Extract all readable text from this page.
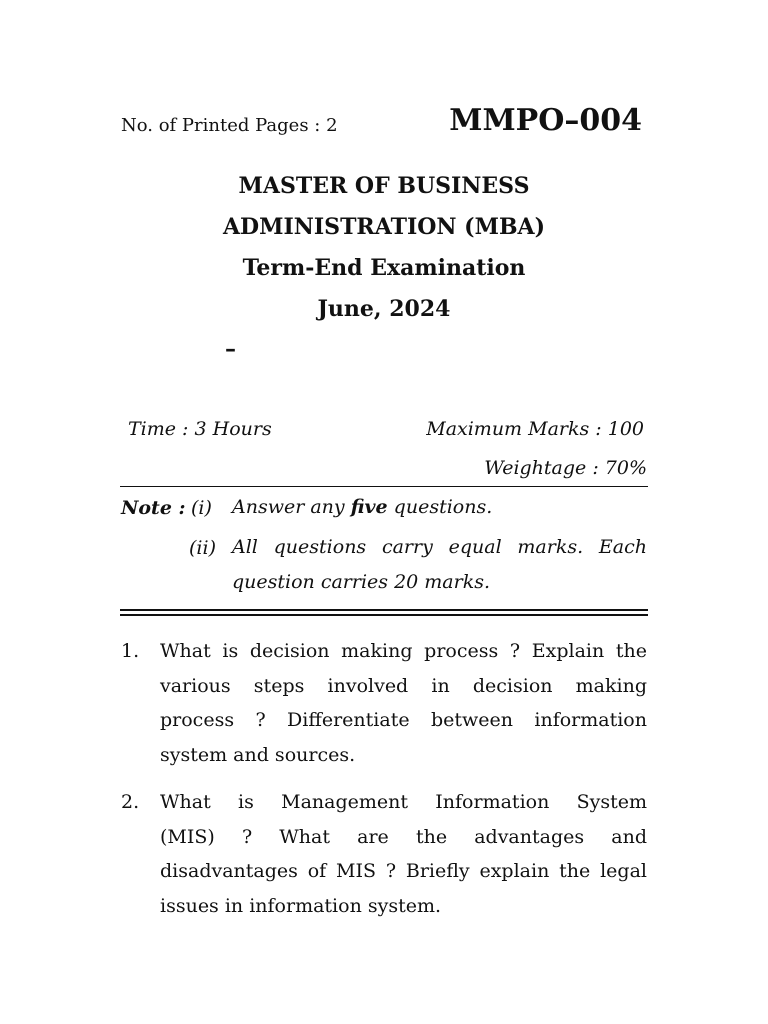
No. of Printed Pages : 2	MMPO–004
MASTER OF BUSINESS
ADMINISTRATION (MBA)
Term-End Examination
June, 2024
–
Time : 3 Hours	Maximum Marks : 100
Weightage : 70%
Note : (i) Answer any five questions.
(ii) All questions carry equal marks. Each
question carries 20 marks.
1. What is decision making process ? Explain the
various steps involved in decision making
process ? Differentiate between information
system and sources.
2. What is Management Information System
(MIS) ? What are the advantages and
disadvantages of MIS ? Briefly explain the legal
issues in information system.
